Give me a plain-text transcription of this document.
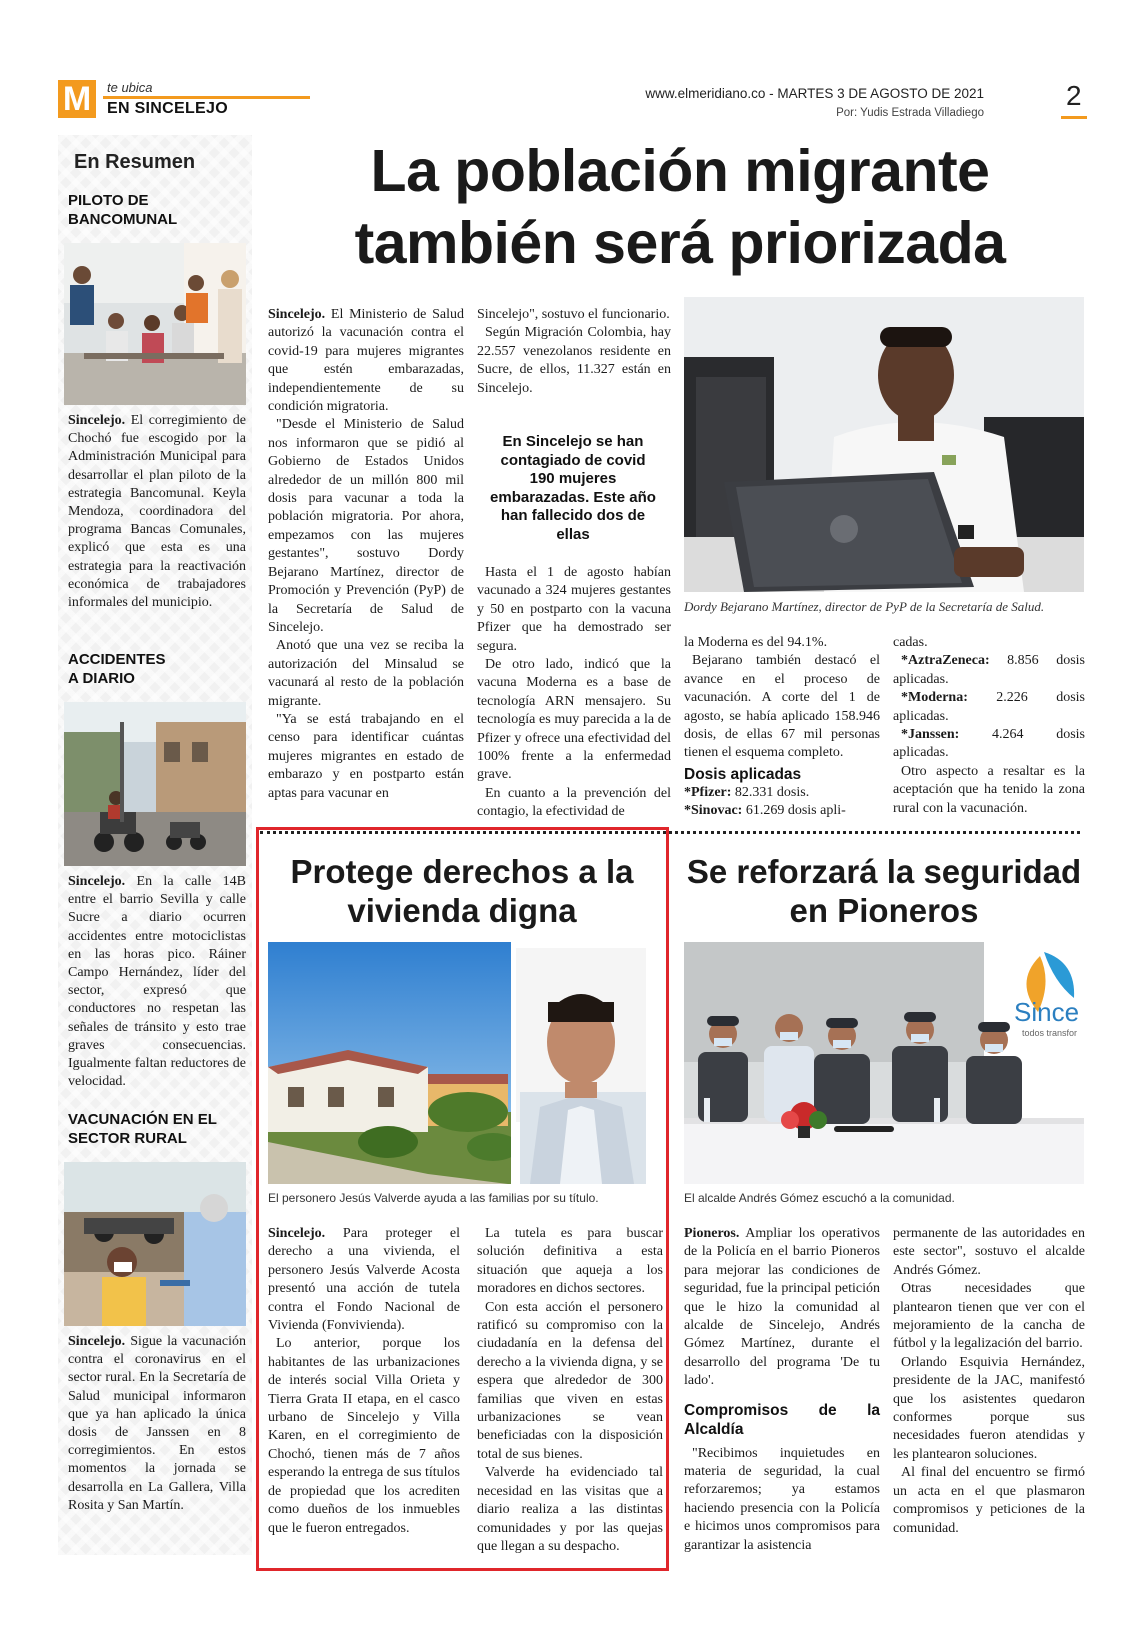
M	te ubica
EN SINCELEJO
www.elmeridiano.co - MARTES 3 DE AGOSTO DE 2021
Por: Yudis Estrada Villadiego
2
En Resumen
PILOTO DE BANCOMUNAL
Sincelejo. El corregimiento de Chochó fue escogido por la Administración Municipal para desarrollar el plan piloto de la estrategia Bancomunal. Keyla Mendoza, coordinadora del programa Bancas Comunales, explicó que esta es una estrategia para la reactivación económica de trabajadores informales del municipio.
ACCIDENTES A DIARIO
Sincelejo. En la calle 14B entre el barrio Sevilla y calle Sucre a diario ocurren accidentes entre motociclistas en las horas pico. Ráiner Campo Hernández, líder del sector, expresó que conductores no respetan las señales de tránsito y esto trae graves consecuencias. Igualmente faltan reductores de velocidad.
VACUNACIÓN EN EL SECTOR RURAL
Sincelejo. Sigue la vacunación contra el coronavirus en el sector rural. En la Secretaría de Salud municipal informaron que ya han aplicado la única dosis de Janssen en 8 corregimientos. En estos momentos la jornada se desarrolla en La Gallera, Villa Rosita y San Martín.
La población migrante también será priorizada
Sincelejo. El Ministerio de Salud autorizó la vacunación contra el covid-19 para mujeres migrantes que estén embarazadas, independientemente de su condición migratoria.
"Desde el Ministerio de Salud nos informaron que se pidió al Gobierno de Estados Unidos alrededor de un millón 800 mil dosis para vacunar a toda la población migratoria. Por ahora, empezamos con las mujeres gestantes", sostuvo Dordy Bejarano Martínez, director de Promoción y Prevención (PyP) de la Secretaría de Salud de Sincelejo.
Anotó que una vez se reciba la autorización del Minsalud se vacunará al resto de la población migrante.
"Ya se está trabajando en el censo para identificar cuántas mujeres migrantes en estado de embarazo y en postparto están aptas para vacunar en
Sincelejo", sostuvo el funcionario.
Según Migración Colombia, hay 22.557 venezolanos residente en Sucre, de ellos, 11.327 están en Sincelejo.
En Sincelejo se han contagiado de covid 190 mujeres embarazadas. Este año han fallecido dos de ellas
Hasta el 1 de agosto habían vacunado a 324 mujeres gestantes y 50 en postparto con la vacuna Pfizer que ha demostrado ser segura.
De otro lado, indicó que la vacuna Moderna es a base de tecnología ARN mensajero. Su tecnología es muy parecida a la de Pfizer y ofrece una efectividad del 100% frente a la enfermedad grave.
En cuanto a la prevención del contagio, la efectividad de
Dordy Bejarano Martínez, director de PyP de la Secretaría de Salud.
la Moderna es del 94.1%.
Bejarano también destacó el avance en el proceso de vacunación. A corte del 1 de agosto, se había aplicado 158.946 dosis, de ellas 67 mil personas tienen el esquema completo.
Dosis aplicadas
*Pfizer: 82.331 dosis.
*Sinovac: 61.269 dosis apli-
cadas.
*AztraZeneca: 8.856 dosis aplicadas.
*Moderna: 2.226 dosis aplicadas.
*Janssen: 4.264 dosis aplicadas.
Otro aspecto a resaltar es la aceptación que ha tenido la zona rural con la vacunación.
Protege derechos a la vivienda digna
El personero Jesús Valverde ayuda a las familias por su título.
Sincelejo. Para proteger el derecho a una vivienda, el personero Jesús Valverde Acosta presentó una acción de tutela contra el Fondo Nacional de Vivienda (Fonvivienda).
Lo anterior, porque los habitantes de las urbanizaciones de interés social Villa Orieta y Tierra Grata II etapa, en el casco urbano de Sincelejo y Villa Karen, en el corregimiento de Chochó, tienen más de 7 años esperando la entrega de sus títulos de propiedad que los acrediten como dueños de los inmuebles que le fueron entregados.
La tutela es para buscar solución definitiva a esta situación que aqueja a los moradores en dichos sectores.
Con esta acción el personero ratificó su compromiso con la ciudadanía en la defensa del derecho a la vivienda digna, y se espera que alrededor de 300 familias que viven en estas urbanizaciones se vean beneficiadas con la disposición total de sus bienes.
Valverde ha evidenciado tal necesidad en las visitas que a diario realiza a las distintas comunidades y por las quejas que llegan a su despacho.
Se reforzará la seguridad en Pioneros
Since
todos transfor
El alcalde Andrés Gómez escuchó a la comunidad.
Pioneros. Ampliar los operativos de la Policía en el barrio Pioneros para mejorar las condiciones de seguridad, fue la principal petición que le hizo la comunidad al alcalde de Sincelejo, Andrés Gómez Martínez, durante el desarrollo del programa 'De tu lado'.
Compromisos de la Alcaldía
"Recibimos inquietudes en materia de seguridad, la cual reforzaremos; ya estamos haciendo presencia con la Policía e hicimos unos compromisos para garantizar la asistencia
permanente de las autoridades en este sector", sostuvo el alcalde Andrés Gómez.
Otras necesidades que plantearon tienen que ver con el mejoramiento de la cancha de fútbol y la legalización del barrio.
Orlando Esquivia Hernández, presidente de la JAC, manifestó que los asistentes quedaron conformes porque sus necesidades fueron atendidas y les plantearon soluciones.
Al final del encuentro se firmó un acta en el que plasmaron compromisos y peticiones de la comunidad.
